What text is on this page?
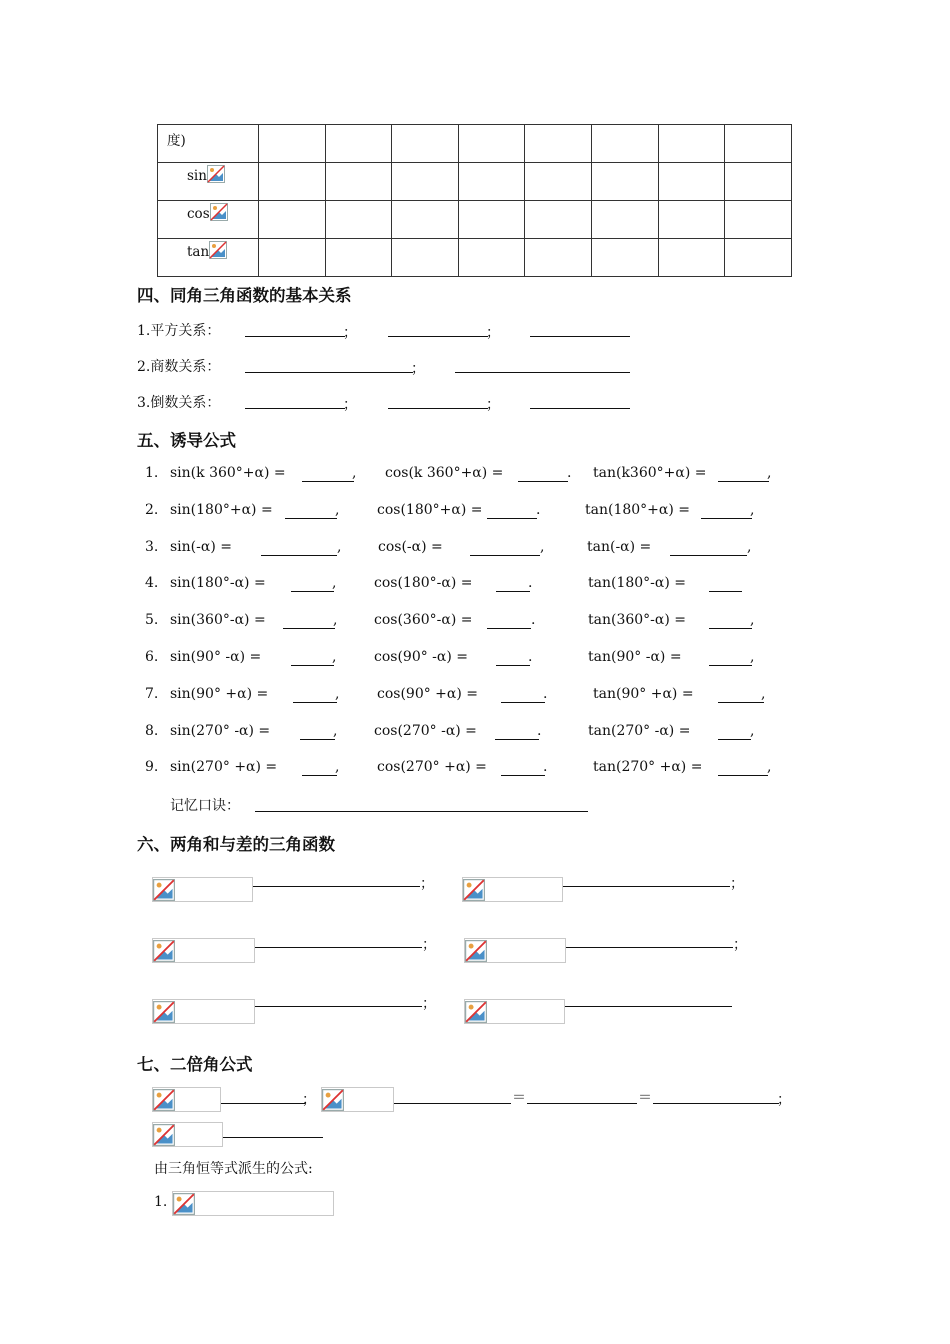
度)								
sin								
cos								
tan								
四、同角三角函数的基本关系
1.平方关系：	；	；
2.商数关系：	；
3.倒数关系：	；	；
五、诱导公式
1. sin(k 360°+α) =	, cos(k 360°+α) =	. tan(k360°+α) =	,
2. sin(180°+α) =	,	cos(180°+α) =	.	tan(180°+α) =	,
3. sin(-α) =	,	cos(-α) =	,	tan(-α) =	,
4. sin(180°-α) =	,	cos(180°-α) =	.	tan(180°-α) =
5. sin(360°-α) =	,	cos(360°-α) =	.	tan(360°-α) =	,
6. sin(90° -α) =	,	cos(90° -α) =	.	tan(90° -α) =	,
7. sin(90° +α) =	,	cos(90° +α) =	.	tan(90° +α) =	,
8. sin(270° -α) =	,	cos(270° -α) =	.	tan(270° -α) =	,
9. sin(270° +α) =	,	cos(270° +α) =	.	tan(270° +α) =	,
记忆口诀：
六、两角和与差的三角函数
；	；
；	；
；
七、二倍角公式
；	＝	＝	；
由三角恒等式派生的公式:
1.
